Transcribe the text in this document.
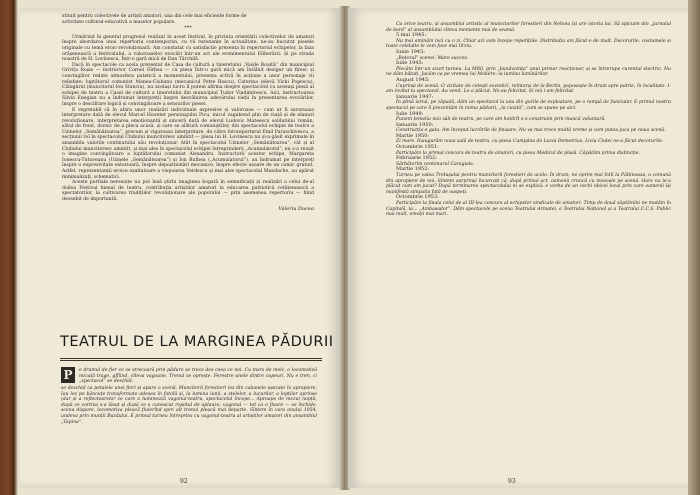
stituit pentru colectivele de artiști amatori, una din cele mai eficiente forme de

activitate cultural-educativă a maselor populare.

***

Urmărind în general progresul realizat în acest festival, în privința orientării colectivelor de amatori înspre abordarea unui repertoriu contemporan, cu vii rezonanțe în actualitate, ne-au bucurat piesele originale cu temă eroic-revoluționară. Am constatat cu satisfacție prezența în repertoriul echipelor, la faza orășenească a festivalului, a valoroaselor evocări într-un act ale evenimentului Eliberării: Și pe strada noastră de H. Lovinescu, Într-o gară mică de Dan Tărchilă.

Dacă în spectacole ca acela prezentat de Casa de cultură a tineretului „Vasile Roaită” din municipiul Grivița Roșie — instructor Cornel Gîrbea — cu piesa Într-o gară mică am întâlnit desigur un firesc și convingător redate atmosfera patetică a momentului, prezența activă în acțiune a unor personaje vii reliefate: luptătorul comunist Manea-Ciobanu (mecanicul Petre Bascu), Caterina (elevă Vichi Popescu), Câlugărul (muncitorul Ion Stanciu), nu același lucru îl putem afirma despre spectacolul cu aceeași piesă al echipei de teatru a Casei de cultură a tineretului din municipiul Tudor Vladimirescu. Aici, instructoarea Silvia Enegian nu a îndrumat interpreții înspre desvăluirea adevărului vieții în prezentarea evocărilor, înspre o descifrare logică și convingătoare a sensurilor piesei.

E regretabil că în afara unor realizări individuale expresive și valoroase — cum ar fi savuroasa interpretare dată de elevul Marcel Hoonter personajului Picu, micul vagabond plin de viață și de elanuri revoluționare, interpretarea emoționantă și sinceră dată de elevul Ludovic Mateescu soldatului român, sătul de front, dornic de a pleca acasă, și care se alătură comuniștilor, din spectacolul echipei de teatru a Uzinelor „Semănătoarea”, precum și viguroasa interpretare, de către fotoreporterul Emil Paraschivescu, a secțiunii rol în spectacolul Clubului muncitoresc amintit — piesa lui H. Lovinescu nu și-a găsit exprimate în ansamblu valorile continutului său revoluționar. Atât în spectacolul Uzinelor „Semănătoarea”, cât și al Clubului muncitoresc amintit, și mai ales în spectacolul echipei întreprinderii „Acumulatorul”, nu s-a reușit o imagine convingătoare a luptătorului comunist Alexandru. Instructorii acestor echipe, Margareta Ionescu-Tutuveanu (Uzinele „Semănătoarea”) și Ion Bufnea („Acumulatorul”), au îndrumat pe interpreți înspre o expresivitate exterioară, înspre depoziționări mecanice, înspre efecte ușoare de un comic gratuit. Astfel, reprezentanții eroice exaltatoare a viepoarea Verdeșcu și mai ales spectacolul Mandache, au apărut minimalizați, schematici.

Aceste portiale neresuite nu pot însă știrbi imaginea bogată în semnificații și realizări a celui de-al doilea Festival bienal de teatru, contribuția artiștilor amatori la educarea patriotică cetățenească a spectatorilor, la cultivarea tradițiilor revoluționare ale poporului — prin asemenea repertoriu — fiind deosebit de importantă.

Valeriu Ducea
TEATRUL DE LA MARGINEA PĂDURII
P	e drumul de fier ce se strecoară prin pădure se trece des ceea ce noi. Cu mers de melc, o locomotivă micuță trage, gîfîind, cîteva vagoane. Trenul se oprește. Ferestre unele dintre cupeuri. Nu e tren, ci „spectacol” se deschid,
se deschid ca petalele unei flori și apare o scenă. Muncitorii forestieri ies din cabanele așezate în apropiere. Iau loc pe băncuțe transformate adesea în fotolii și, la lumina lunii, a stelelor, a lucurilor, a lopților aprinse (dar și a reflectoarelor ce care o luminează vagonul-teatru, spectacolul începe… Aproape de mezul nopții, după ce cortina s-a lăsat și după ce a cunoscut ropotul de aplauze, vagonul — tot ca o floare — se închide, scena dispare, locomotiva pleacă fluierînd spre alt trenul pleacă mai departe. Sîntem în vara anului 1954, undeva prin munții Buzăului. E primul turneu întreprins cu vagonul-teatru al artiștilor amatori din ansamblul „Tapina”.
92

Ca orice teatru, și ansamblul artistic al muncitorilor forestieri din Nehoiu își are istoria lui. Să spicuim din „jurnalul de bord” al ansamblului cîteva momente mai de seamă.

5 mai 1945:

Nu mai aminăm nici cu o zi. Chiar azi vom începe repetițiile. Distribuția am făcut-o de mult. Decorurile, costumele și toate celelalte le vom face mai tîrziu.

Iunie 1945:

„Boțezul” scenei. Mare succes.

Iulie 1945:

Plecăm într-un scurt turneu. La Mîtil, prin „bunăvoința” unui primar reacționar, și se întrerupe curentul electric. Nu ne dăm bătuți. Jucăm ca pe vremea lui Molière: la lumina lumînărilor.

August 1945:

Cuprinși de scenă. O vizitate de cetești sovietici, reîntorși de la Berlin, poposește în drum spre patrie, în localitate. I-am invitat la spectacol. Au venit. Le-a plăcut. Ne-au felicitat. Și noi i-am felicitat.

Ianuarie 1947:

În plină iarnă, pe zăpadă, dăm un spectacol la una din gurile de exploatare, pe o rampă de funicular. E primul nostru spectacol pe care îl prezentăm în inima pădurii, „la cioată”, cum se spune pe aici.

Iulie 1949:

Punem temelia noii săli de teatru, pe care am hotărît s-o construim prin muncă voluntară.

Ianuarie 1950:

Construcția e gata. Am început lucrările de finisare. Nu va mai trece multă vreme și vom putea juca pe noua scenă.

Martie 1950:

Zi mare. Inaugurăm noua sală de teatru, cu piesa Cumpăna de Lucia Demetrius. Liviu Ciulei ne-a făcut decorurile.

Octombrie 1951:

Participăm la primul concurs de teatru de amatori, cu piesa Medicul de plasă. Căpătăm prima distincție.

Februarie 1952:

Sărbătorim centenarul Caragiale.

Martie 1952:

Turneu pe valea Trotușului pentru muncitorii forestieri de acolo. În drum, ne oprim mai întîi la Păltinoasa, o comună din apropiere de noi. Sîntem surprinși încurcați că, după primul act, oamenii cruncă cu mosoale pe scenă. Oare nu le-a plăcut cum am jucat? După terminarea spectacolului ni se explică: e vorba de un vechi obicei local prin care oamenii își manifestă simpatia față de oaspeți.

Octombrie 1953:

Participăm la finala celui de al III-lea concurs al echipelor sindicale de amatori. Timp de două săptămîni ne mutăm în Capitală, la… „Ambasador”. Dăm spectacole pe scena Teatrului Armatei, a Teatrului Național și a Teatrului C.C.S. Public mai mult, emoții mai mari.

93
